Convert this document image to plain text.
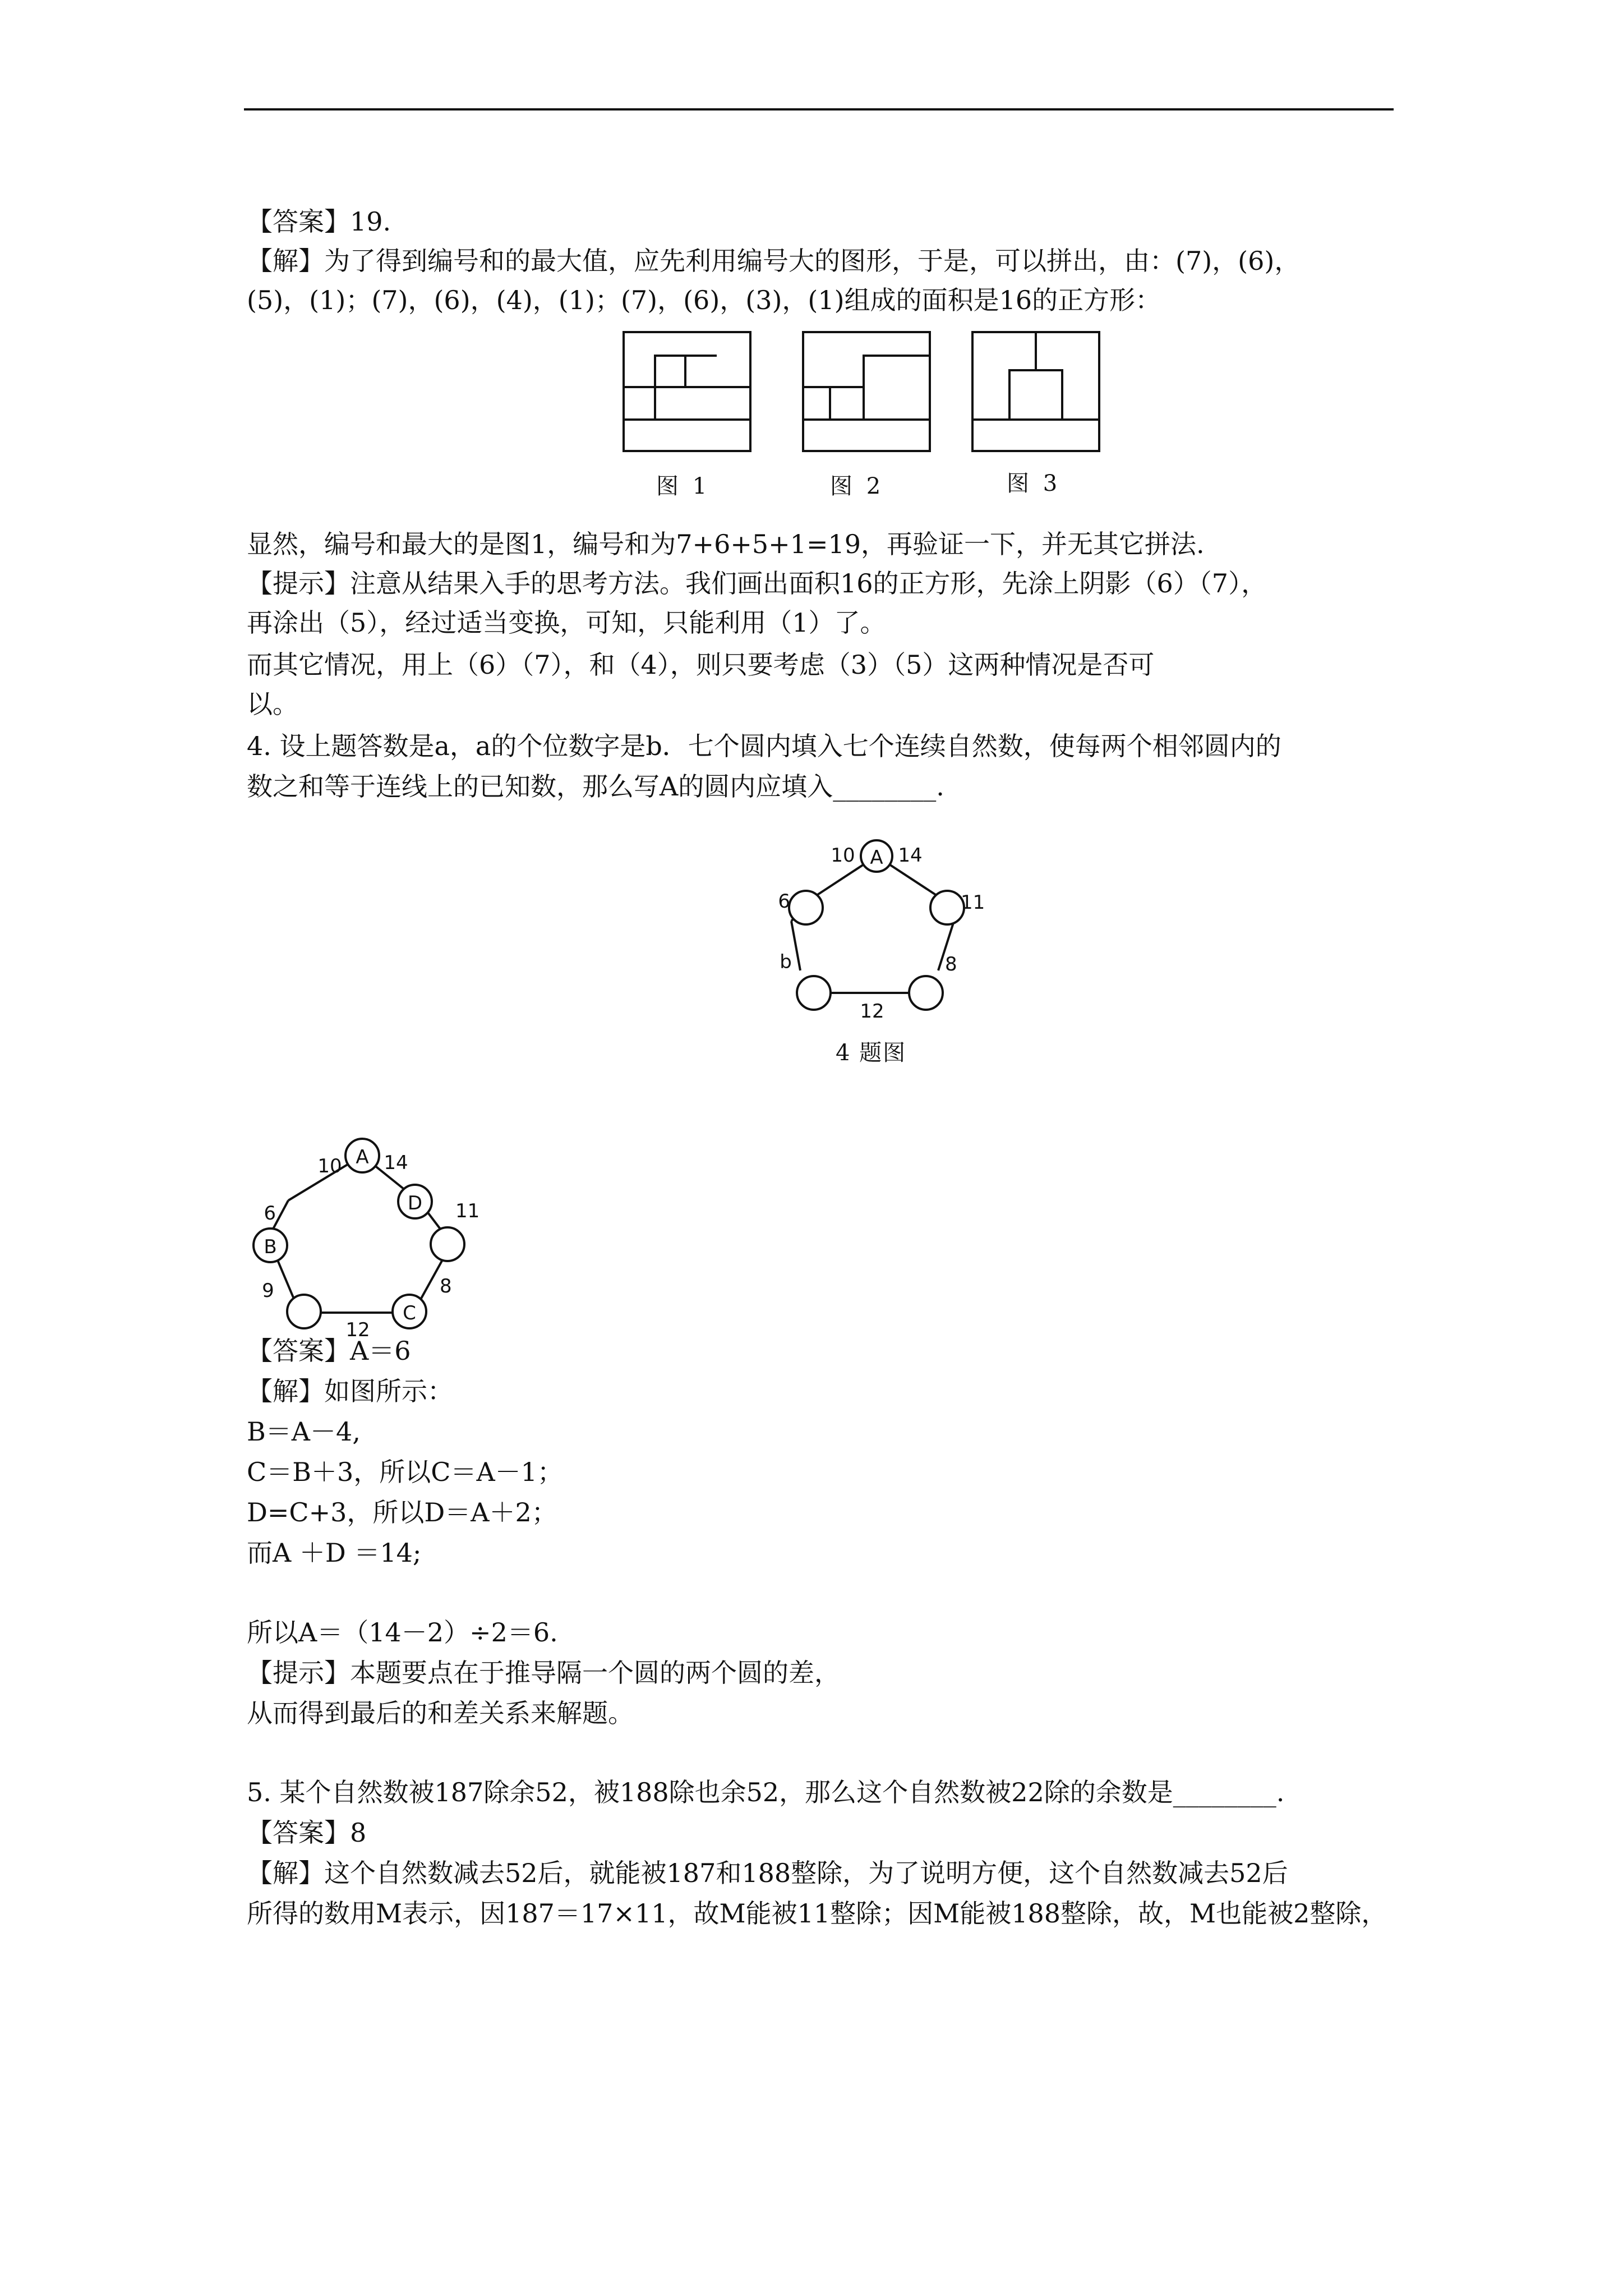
【答案】19.
【解】为了得到编号和的最大值，应先利用编号大的图形，于是，可以拼出，由：(7)，(6)，
(5)，(1)；(7)，(6)，(4)，(1)；(7)，(6)，(3)，(1)组成的面积是16的正方形：
图 1	图 2	图 3
显然，编号和最大的是图1，编号和为7+6+5+1=19，再验证一下，并无其它拼法.
【提示】注意从结果入手的思考方法。我们画出面积16的正方形，先涂上阴影（6）（7），
再涂出（5），经过适当变换，可知，只能利用（1）了。
而其它情况，用上（6）（7），和（4），则只要考虑（3）（5）这两种情况是否可
以。
4. 设上题答数是a，a的个位数字是b．七个圆内填入七个连续自然数，使每两个相邻圆内的
数之和等于连线上的已知数，那么写A的圆内应填入________.
A
10 14
11
8
12
b
6
4 题图
A
D
C
B
10 14
11
8
12
9
6
【答案】A＝6
【解】如图所示：
B＝A－4,
C＝B＋3，所以C＝A－1；
D=C+3，所以D＝A＋2；
而A ＋D ＝14;
所以A＝（14－2）÷2＝6.
【提示】本题要点在于推导隔一个圆的两个圆的差，
从而得到最后的和差关系来解题。
5. 某个自然数被187除余52，被188除也余52，那么这个自然数被22除的余数是________.
【答案】8
【解】这个自然数减去52后，就能被187和188整除，为了说明方便，这个自然数减去52后
所得的数用M表示，因187＝17×11，故M能被11整除；因M能被188整除，故，M也能被2整除，
